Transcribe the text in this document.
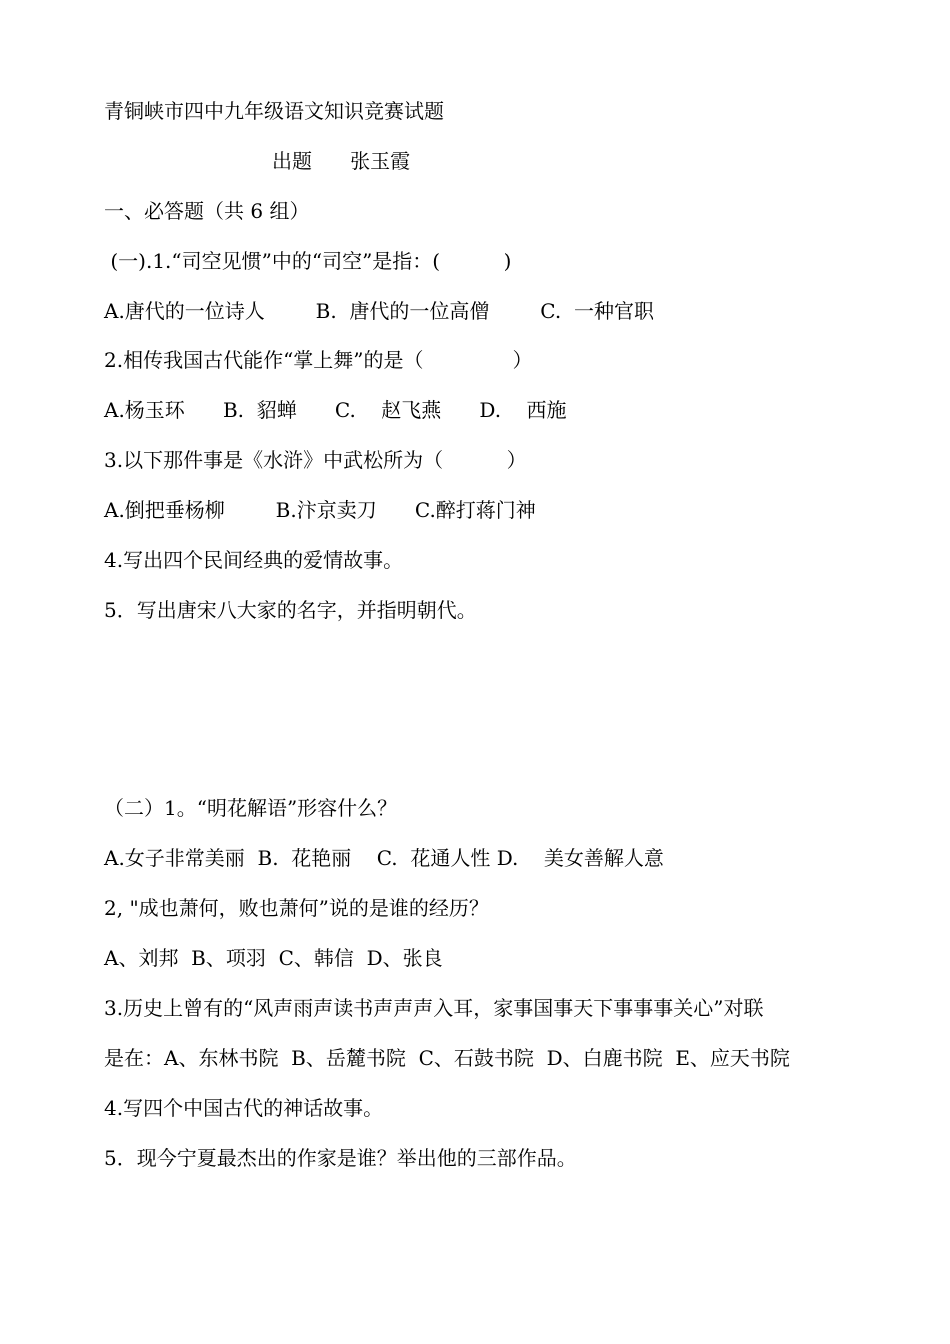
青铜峡市四中九年级语文知识竞赛试题
出题      张玉霞
一、必答题（共 6 组）
(一).1.“司空见惯”中的“司空”是指：(          )
A.唐代的一位诗人        B.  唐代的一位高僧        C.  一种官职
2.相传我国古代能作“掌上舞”的是（              ）
A.杨玉环      B.  貂蝉      C.    赵飞燕      D.    西施
3.以下那件事是《水浒》中武松所为（          ）
A.倒把垂杨柳        B.汴京卖刀      C.醉打蒋门神
4.写出四个民间经典的爱情故事。
5．写出唐宋八大家的名字，并指明朝代。
（二）1。“明花解语”形容什么？
A.女子非常美丽  B.  花艳丽    C.  花通人性 D.    美女善解人意
2, "成也萧何，败也萧何”说的是谁的经历？
A、刘邦  B、项羽  C、韩信  D、张良
3.历史上曾有的“风声雨声读书声声声入耳，家事国事天下事事事关心”对联
是在：A、东林书院  B、岳麓书院  C、石鼓书院  D、白鹿书院  E、应天书院
4.写四个中国古代的神话故事。
5．现今宁夏最杰出的作家是谁？举出他的三部作品。
